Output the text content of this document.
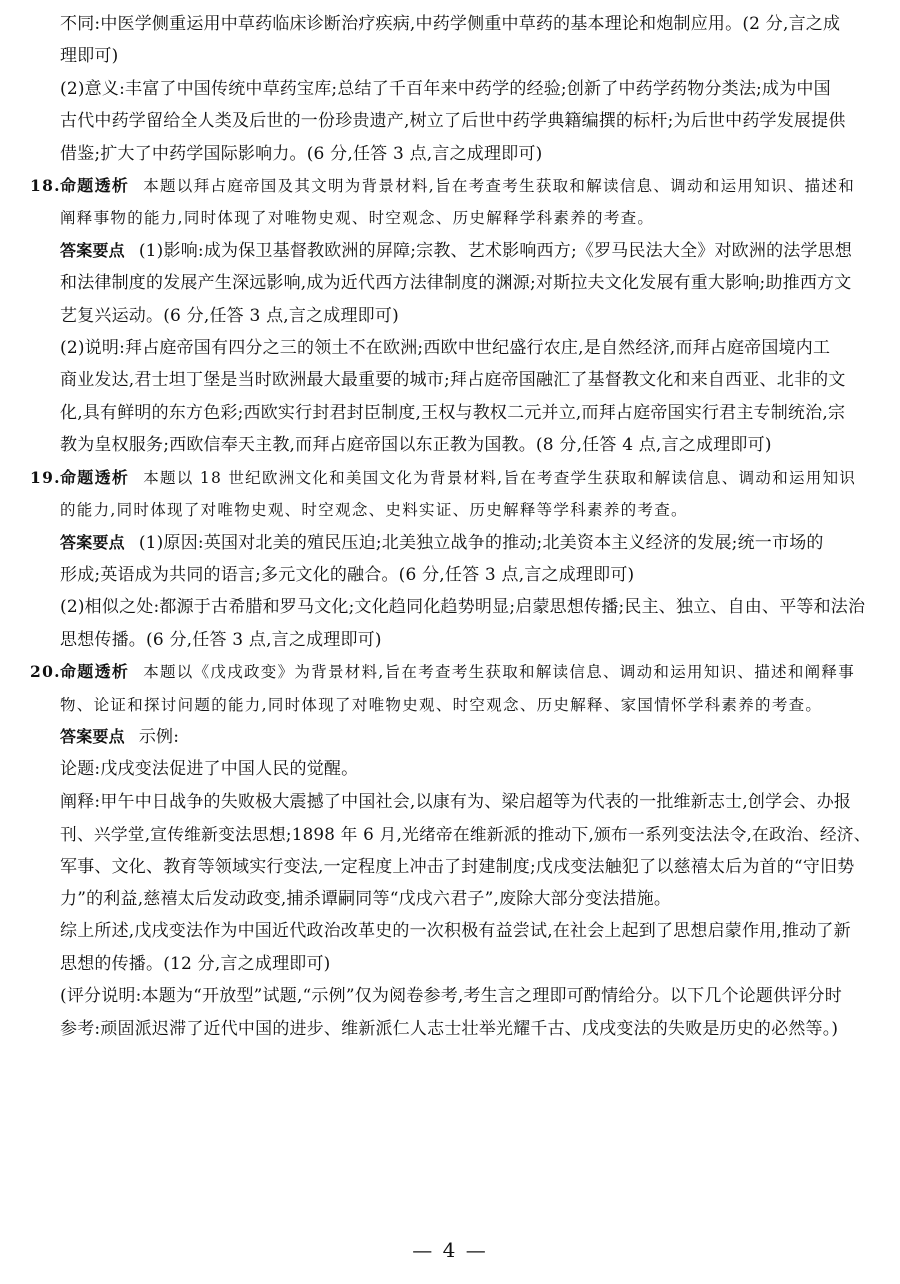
不同:中医学侧重运用中草药临床诊断治疗疾病,中药学侧重中草药的基本理论和炮制应用。(2 分,言之成
理即可)
(2)意义:丰富了中国传统中草药宝库;总结了千百年来中药学的经验;创新了中药学药物分类法;成为中国
古代中药学留给全人类及后世的一份珍贵遗产,树立了后世中药学典籍编撰的标杆;为后世中药学发展提供
借鉴;扩大了中药学国际影响力。(6 分,任答 3 点,言之成理即可)
18.命题透析 本题以拜占庭帝国及其文明为背景材料,旨在考查考生获取和解读信息、调动和运用知识、描述和
阐释事物的能力,同时体现了对唯物史观、时空观念、历史解释学科素养的考查。
答案要点 (1)影响:成为保卫基督教欧洲的屏障;宗教、艺术影响西方;《罗马民法大全》对欧洲的法学思想
和法律制度的发展产生深远影响,成为近代西方法律制度的渊源;对斯拉夫文化发展有重大影响;助推西方文
艺复兴运动。(6 分,任答 3 点,言之成理即可)
(2)说明:拜占庭帝国有四分之三的领土不在欧洲;西欧中世纪盛行农庄,是自然经济,而拜占庭帝国境内工
商业发达,君士坦丁堡是当时欧洲最大最重要的城市;拜占庭帝国融汇了基督教文化和来自西亚、北非的文
化,具有鲜明的东方色彩;西欧实行封君封臣制度,王权与教权二元并立,而拜占庭帝国实行君主专制统治,宗
教为皇权服务;西欧信奉天主教,而拜占庭帝国以东正教为国教。(8 分,任答 4 点,言之成理即可)
19.命题透析 本题以 18 世纪欧洲文化和美国文化为背景材料,旨在考查学生获取和解读信息、调动和运用知识
的能力,同时体现了对唯物史观、时空观念、史料实证、历史解释等学科素养的考查。
答案要点 (1)原因:英国对北美的殖民压迫;北美独立战争的推动;北美资本主义经济的发展;统一市场的
形成;英语成为共同的语言;多元文化的融合。(6 分,任答 3 点,言之成理即可)
(2)相似之处:都源于古希腊和罗马文化;文化趋同化趋势明显;启蒙思想传播;民主、独立、自由、平等和法治
思想传播。(6 分,任答 3 点,言之成理即可)
20.命题透析 本题以《戊戌政变》为背景材料,旨在考查考生获取和解读信息、调动和运用知识、描述和阐释事
物、论证和探讨问题的能力,同时体现了对唯物史观、时空观念、历史解释、家国情怀学科素养的考查。
答案要点 示例:
论题:戊戌变法促进了中国人民的觉醒。
阐释:甲午中日战争的失败极大震撼了中国社会,以康有为、梁启超等为代表的一批维新志士,创学会、办报
刊、兴学堂,宣传维新变法思想;1898 年 6 月,光绪帝在维新派的推动下,颁布一系列变法法令,在政治、经济、
军事、文化、教育等领域实行变法,一定程度上冲击了封建制度;戊戌变法触犯了以慈禧太后为首的“守旧势
力”的利益,慈禧太后发动政变,捕杀谭嗣同等“戊戌六君子”,废除大部分变法措施。
综上所述,戊戌变法作为中国近代政治改革史的一次积极有益尝试,在社会上起到了思想启蒙作用,推动了新
思想的传播。(12 分,言之成理即可)
(评分说明:本题为“开放型”试题,“示例”仅为阅卷参考,考生言之理即可酌情给分。以下几个论题供评分时
参考:顽固派迟滞了近代中国的进步、维新派仁人志士壮举光耀千古、戊戌变法的失败是历史的必然等。)
— 4 —
